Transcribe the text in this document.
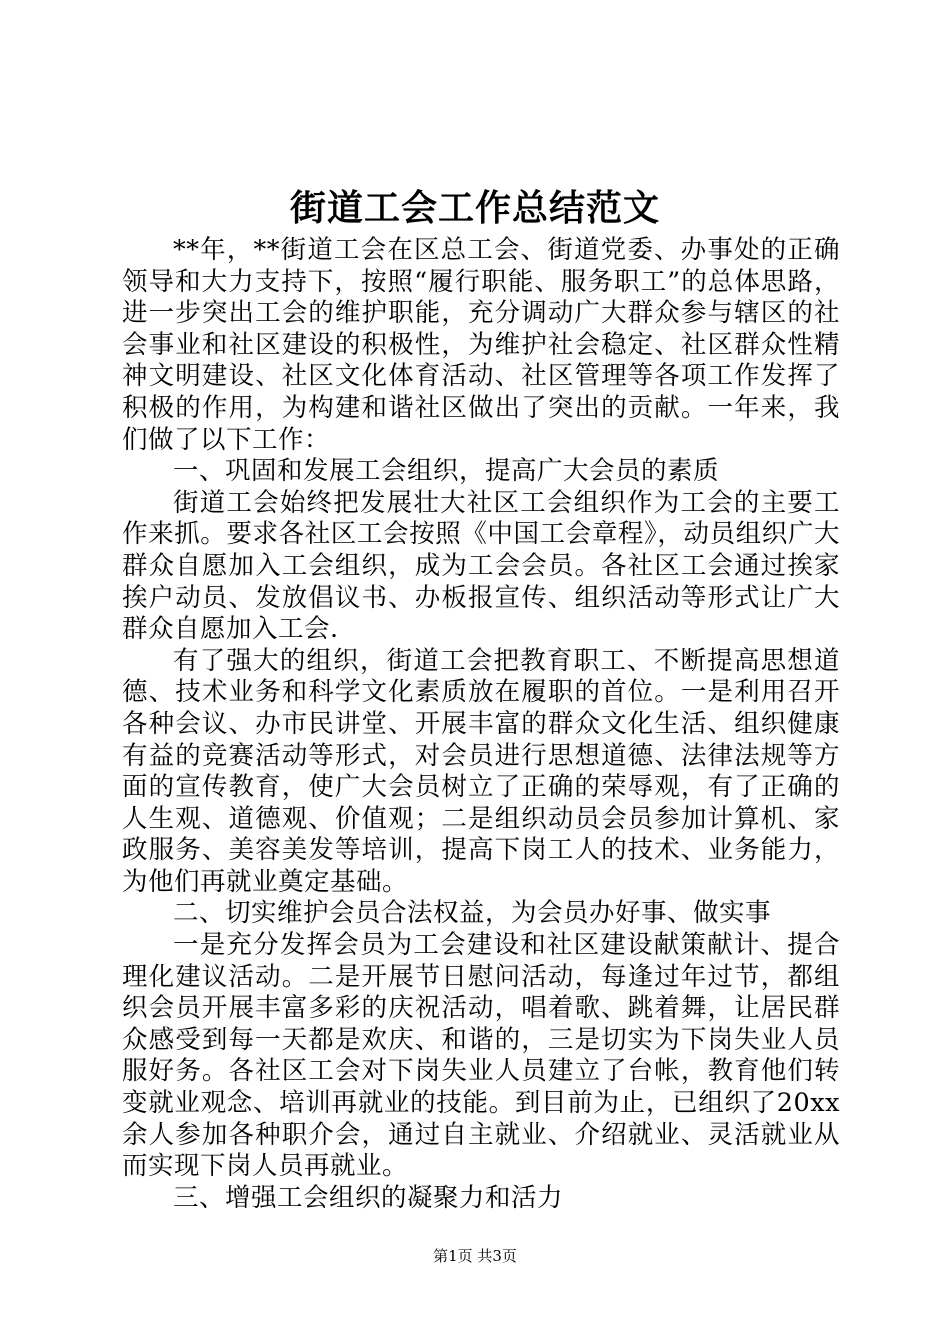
街道工会工作总结范文

**年，**街道工会在区总工会、街道党委、办事处的正确领导和大力支持下，按照“履行职能、服务职工”的总体思路，进一步突出工会的维护职能，充分调动广大群众参与辖区的社会事业和社区建设的积极性，为维护社会稳定、社区群众性精神文明建设、社区文化体育活动、社区管理等各项工作发挥了积极的作用，为构建和谐社区做出了突出的贡献。一年来，我们做了以下工作：

一、巩固和发展工会组织，提高广大会员的素质

街道工会始终把发展壮大社区工会组织作为工会的主要工作来抓。要求各社区工会按照《中国工会章程》，动员组织广大群众自愿加入工会组织，成为工会会员。各社区工会通过挨家挨户动员、发放倡议书、办板报宣传、组织活动等形式让广大群众自愿加入工会.

有了强大的组织，街道工会把教育职工、不断提高思想道德、技术业务和科学文化素质放在履职的首位。一是利用召开各种会议、办市民讲堂、开展丰富的群众文化生活、组织健康有益的竞赛活动等形式，对会员进行思想道德、法律法规等方面的宣传教育，使广大会员树立了正确的荣辱观，有了正确的人生观、道德观、价值观；二是组织动员会员参加计算机、家政服务、美容美发等培训，提高下岗工人的技术、业务能力，为他们再就业奠定基础。

二、切实维护会员合法权益，为会员办好事、做实事

一是充分发挥会员为工会建设和社区建设献策献计、提合理化建议活动。二是开展节日慰问活动，每逢过年过节，都组织会员开展丰富多彩的庆祝活动，唱着歌、跳着舞，让居民群众感受到每一天都是欢庆、和谐的，三是切实为下岗失业人员服好务。各社区工会对下岗失业人员建立了台帐，教育他们转变就业观念、培训再就业的技能。到目前为止，已组织了20xx余人参加各种职介会，通过自主就业、介绍就业、灵活就业从而实现下岗人员再就业。

三、增强工会组织的凝聚力和活力

第1页 共3页
